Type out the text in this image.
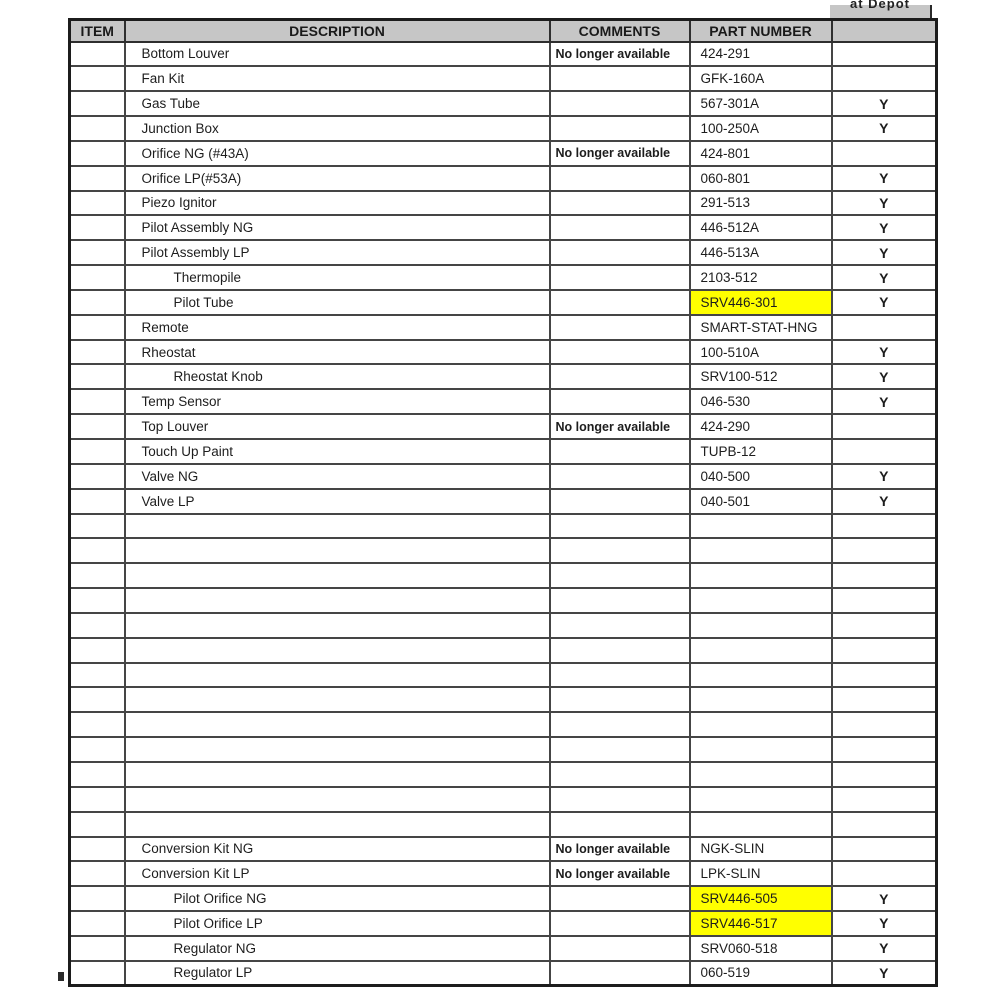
at Depot
ITEM	DESCRIPTION	COMMENTS	PART NUMBER	
	Bottom Louver	No longer available	424-291	
	Fan Kit		GFK-160A	
	Gas Tube		567-301A	Y
	Junction Box		100-250A	Y
	Orifice NG (#43A)	No longer available	424-801	
	Orifice LP(#53A)		060-801	Y
	Piezo Ignitor		291-513	Y
	Pilot Assembly NG		446-512A	Y
	Pilot Assembly LP		446-513A	Y
	Thermopile		2103-512	Y
	Pilot Tube		SRV446-301	Y
	Remote		SMART-STAT-HNG	
	Rheostat		100-510A	Y
	Rheostat Knob		SRV100-512	Y
	Temp Sensor		046-530	Y
	Top Louver	No longer available	424-290	
	Touch Up Paint		TUPB-12	
	Valve NG		040-500	Y
	Valve LP		040-501	Y

	Conversion Kit NG	No longer available	NGK-SLIN	
	Conversion Kit LP	No longer available	LPK-SLIN	
	Pilot Orifice NG		SRV446-505	Y
	Pilot Orifice LP		SRV446-517	Y
	Regulator NG		SRV060-518	Y
	Regulator LP		060-519	Y
